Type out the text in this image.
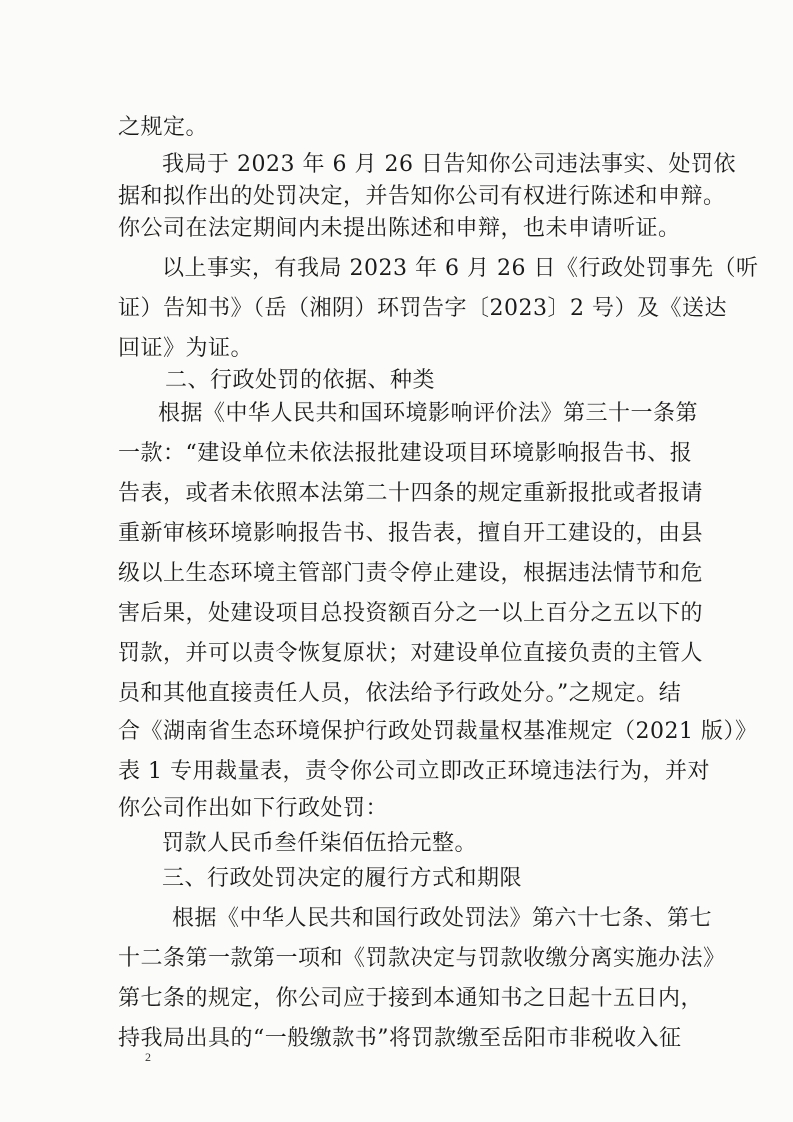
之规定。
我局于 2023 年 6 月 26 日告知你公司违法事实、处罚依
据和拟作出的处罚决定，并告知你公司有权进行陈述和申辩。
你公司在法定期间内未提出陈述和申辩，也未申请听证。
以上事实，有我局 2023 年 6 月 26 日《行政处罚事先（听
证）告知书》（岳（湘阴）环罚告字〔2023〕2 号）及《送达
回证》为证。
二、行政处罚的依据、种类
根据《中华人民共和国环境影响评价法》第三十一条第
一款：“建设单位未依法报批建设项目环境影响报告书、报
告表，或者未依照本法第二十四条的规定重新报批或者报请
重新审核环境影响报告书、报告表，擅自开工建设的，由县
级以上生态环境主管部门责令停止建设，根据违法情节和危
害后果，处建设项目总投资额百分之一以上百分之五以下的
罚款，并可以责令恢复原状；对建设单位直接负责的主管人
员和其他直接责任人员，依法给予行政处分。”之规定。结
合《湖南省生态环境保护行政处罚裁量权基准规定（2021 版）》
表 1 专用裁量表，责令你公司立即改正环境违法行为，并对
你公司作出如下行政处罚：
罚款人民币叁仟柒佰伍拾元整。
三、行政处罚决定的履行方式和期限
根据《中华人民共和国行政处罚法》第六十七条、第七
十二条第一款第一项和《罚款决定与罚款收缴分离实施办法》
第七条的规定，你公司应于接到本通知书之日起十五日内，
持我局出具的“一般缴款书”将罚款缴至岳阳市非税收入征
2
